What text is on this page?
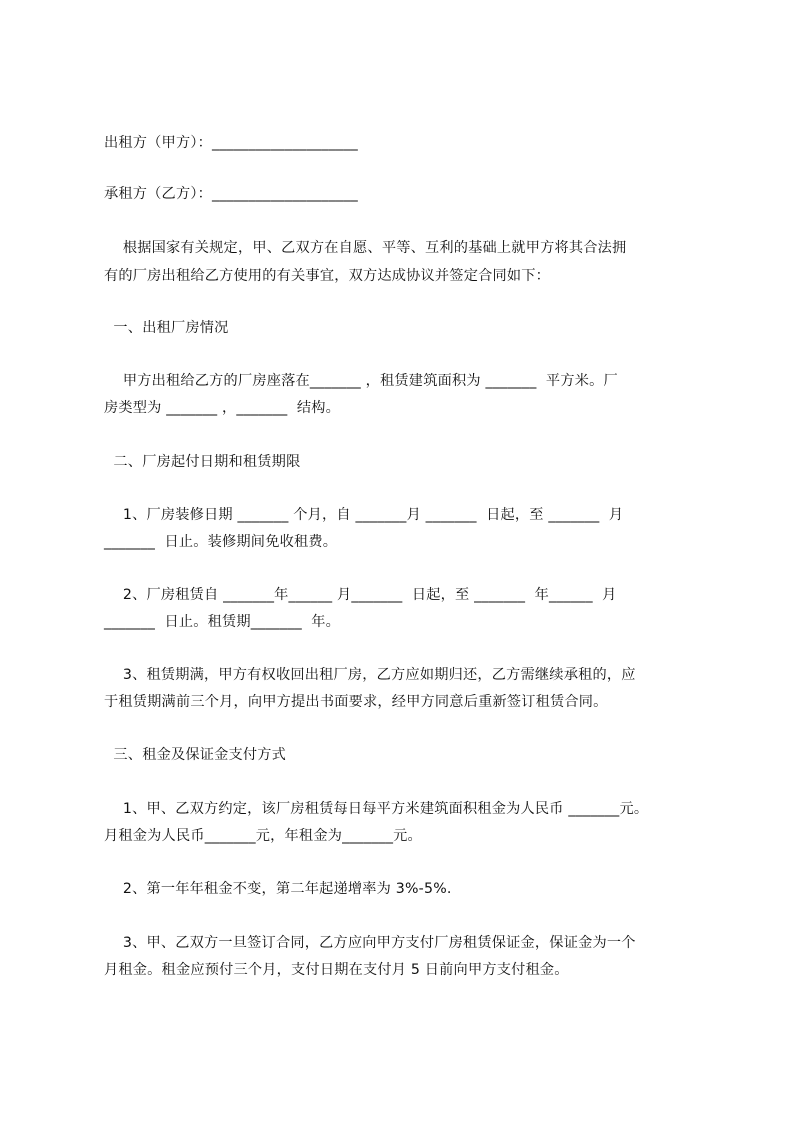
出租方（甲方）：____________________
承租方（乙方）：____________________
根据国家有关规定，甲、乙双方在自愿、平等、互利的基础上就甲方将其合法拥
有的厂房出租给乙方使用的有关事宜，双方达成协议并签定合同如下：
一、出租厂房情况
甲方出租给乙方的厂房座落在_______ ，租赁建筑面积为 _______  平方米。厂
房类型为 _______ ，_______  结构。
二、厂房起付日期和租赁期限
1、厂房装修日期 _______ 个月，自 _______月 _______  日起，至 _______  月
_______  日止。装修期间免收租费。
2、厂房租赁自 _______年______ 月_______  日起，至 _______  年______  月
_______  日止。租赁期_______  年。
3、租赁期满，甲方有权收回出租厂房，乙方应如期归还，乙方需继续承租的，应
于租赁期满前三个月，向甲方提出书面要求，经甲方同意后重新签订租赁合同。
三、租金及保证金支付方式
1、甲、乙双方约定，该厂房租赁每日每平方米建筑面积租金为人民币 _______元。
月租金为人民币_______元，年租金为_______元。
2、第一年年租金不变，第二年起递增率为 3%-5%.
3、甲、乙双方一旦签订合同，乙方应向甲方支付厂房租赁保证金，保证金为一个
月租金。租金应预付三个月，支付日期在支付月 5 日前向甲方支付租金。
